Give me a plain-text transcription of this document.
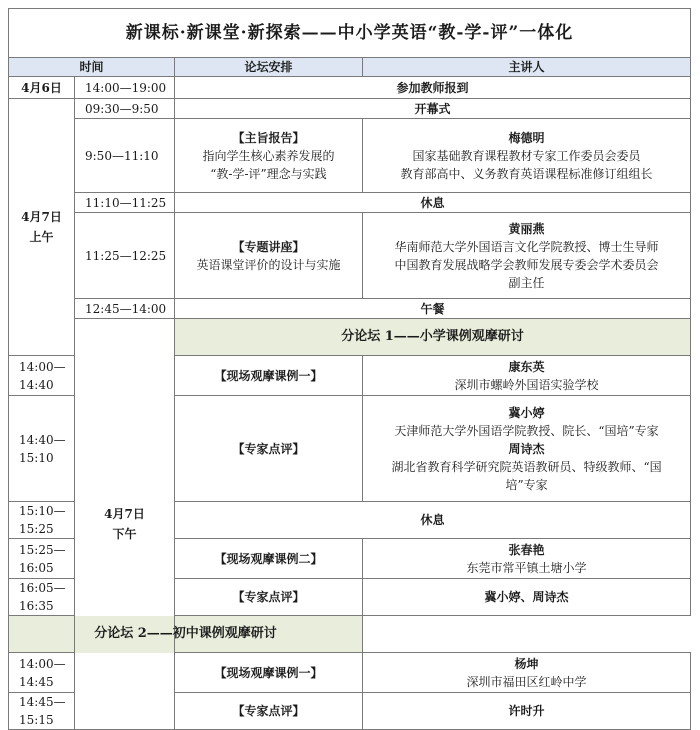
新课标·新课堂·新探索——中小学英语“教-学-评”一体化			
时间		论坛安排	主讲人
4月6日	14:00—19:00	参加教师报到	

4月7日
上午	09:30—9:50	开幕式	
	9:50—11:10	【主旨报告】
指向学生核心素养发展的
“教-学-评”理念与实践	梅德明
国家基础教育课程教材专家工作委员会委员
教育部高中、义务教育英语课程标准修订组组长

	11:10—11:25	休息	
	11:25—12:25	【专题讲座】
英语课堂评价的设计与实施	黄丽燕
华南师范大学外国语言文化学院教授、博士生导师
中国教育发展战略学会教师发展专委会学术委员会
副主任

	12:45—14:00	午餐	

	4月7日
下午	分论坛 1——小学课例观摩研讨	
14:00—14:40		【现场观摩课例一】	康东英
深圳市螺岭外国语实验学校

14:40—15:10		【专家点评】	冀小婷
天津师范大学外国语学院教授、院长、“国培”专家
周诗杰
湖北省教育科学研究院英语教研员、特级教师、“国
培”专家

15:10—15:25		休息	
15:25—16:05		【现场观摩课例二】	张春艳
东莞市常平镇土塘小学

16:05—16:35		【专家点评】	冀小婷、周诗杰
分论坛 2——初中课例观摩研讨			
14:00—14:45		【现场观摩课例一】	杨坤
深圳市福田区红岭中学

14:45—15:15		【专家点评】	许时升
